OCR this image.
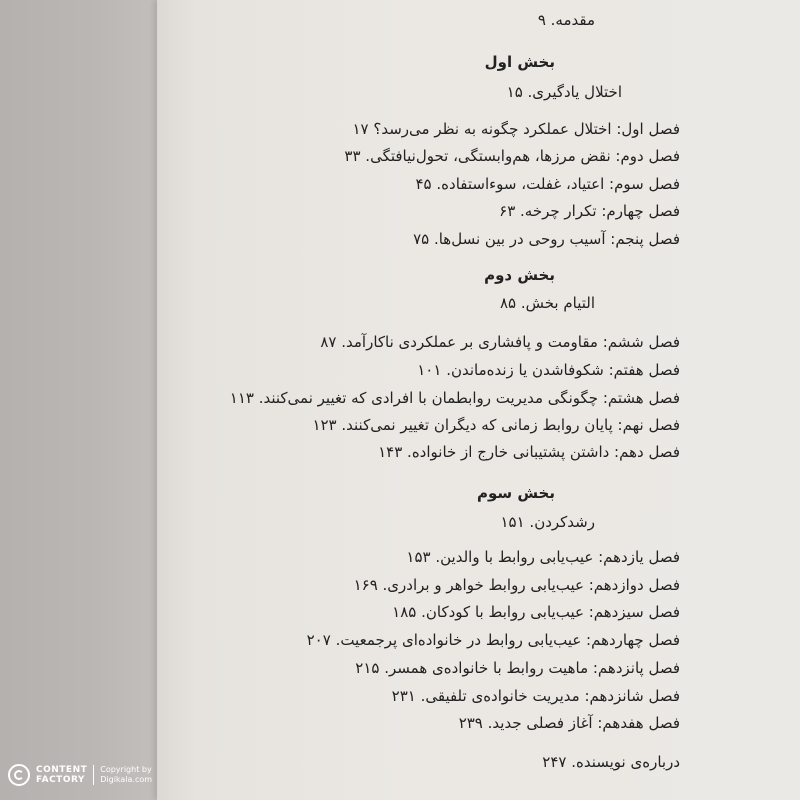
مقدمه. ۹
بخش اول
اختلال یادگیری. ۱۵
فصل اول: اختلال عملکرد چگونه به نظر می‌رسد؟ ۱۷
فصل دوم: نقض مرزها، هم‌وابستگی، تحول‌نیافتگی. ۳۳
فصل سوم: اعتیاد، غفلت، سوءاستفاده. ۴۵
فصل چهارم: تکرار چرخه. ۶۳
فصل پنجم: آسیب روحی در بین نسل‌ها. ۷۵
بخش دوم
التیام بخش. ۸۵
فصل ششم: مقاومت و پافشاری بر عملکردی ناکارآمد. ۸۷
فصل هفتم: شکوفاشدن یا زنده‌ماندن. ۱۰۱
فصل هشتم: چگونگی مدیریت روابطمان با افرادی که تغییر نمی‌کنند. ۱۱۳
فصل نهم: پایان روابط زمانی که دیگران تغییر نمی‌کنند. ۱۲۳
فصل دهم: داشتن پشتیبانی خارج از خانواده. ۱۴۳
بخش سوم
رشدکردن. ۱۵۱
فصل یازدهم: عیب‌یابی روابط با والدین. ۱۵۳
فصل دوازدهم: عیب‌یابی روابط خواهر و برادری. ۱۶۹
فصل سیزدهم: عیب‌یابی روابط با کودکان. ۱۸۵
فصل چهاردهم: عیب‌یابی روابط در خانواده‌ای پرجمعیت. ۲۰۷
فصل پانزدهم: ماهیت روابط با خانواده‌ی همسر. ۲۱۵
فصل شانزدهم: مدیریت خانواده‌ی تلفیقی. ۲۳۱
فصل هفدهم: آغاز فصلی جدید. ۲۳۹
درباره‌ی نویسنده. ۲۴۷
CONTENT
FACTORY
Copyright by
Digikala.com
